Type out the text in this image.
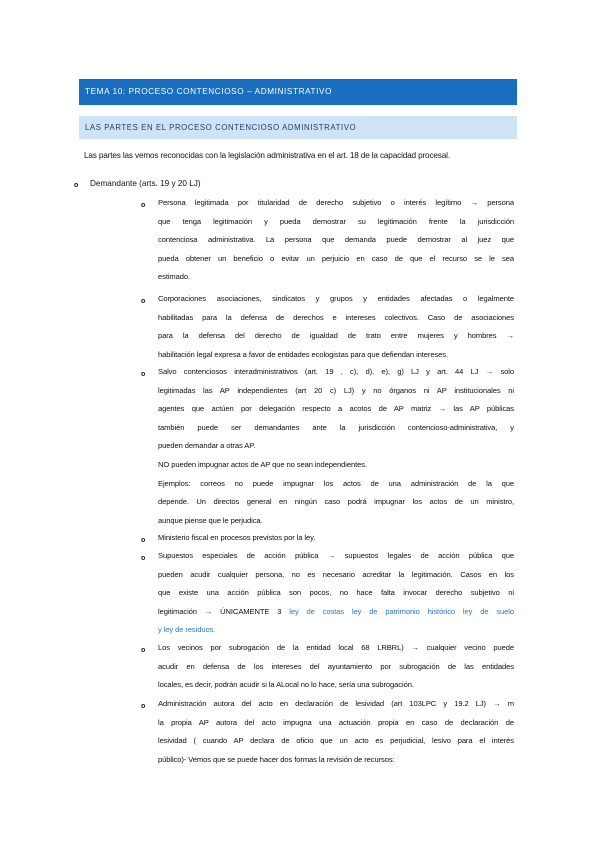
TEMA 10: PROCESO CONTENCIOSO – ADMINISTRATIVO
LAS PARTES EN EL PROCESO CONTENCIOSO ADMINISTRATIVO
Las partes las vemos reconocidas con la legislación administrativa en el art. 18 de la capacidad procesal.
o Demandante (arts. 19 y 20 LJ)
o Persona legitimada por titularidad de derecho subjetivo o interés legítimo → persona
que tenga legitimación y pueda demostrar su legitimación frente la jurisdicción
contenciosa administrativa. La persona que demanda puede demostrar al juez que
pueda obtener un beneficio o evitar un perjuicio en caso de que el recurso se le sea
estimado.
o Corporaciones asociaciones, sindicatos y grupos y entidades afectadas o legalmente
habilitadas para la defensa de derechos e intereses colectivos. Caso de asociaciones
para la defensa del derecho de igualdad de trato entre mujeres y hombres →
habilitación legal expresa a favor de entidades ecologistas para que defiendan intereses.
o Salvo contenciosos interadministrativos (art. 19 , c), d), e), g) LJ y art. 44 LJ → solo
legitimadas las AP independientes (art 20 c) LJ) y no órganos ni AP institucionales ni
agentes que actúen por delegación respecto a acotos de AP matriz → las AP públicas
también puede ser demandantes ante la jurisdicción contencioso-administrativa, y
pueden demandar a otras AP.
NO pueden impugnar actos de AP que no sean independientes.
Ejemplos: correos no puede impugnar los actos de una administración de la que
depende. Un directos general en ningún caso podrá impugnar los actos de un ministro,
aunque piense que le perjudica.
o Ministerio fiscal en procesos previstos por la ley.
o Supuestos especiales de acción pública → supuestos legales de acción pública que
pueden acudir cualquier persona, no es necesario acreditar la legitimación. Casos en los
que existe una acción pública son pocos, no hace falta invocar derecho subjetivo ni
legitimación → ÚNICAMENTE 3 ley de costas ley de patrimonio histórico ley de suelo
y ley de residuos.
o Los vecinos por subrogación de la entidad local 68 LRBRL) → cualquier vecino puede
acudir en defensa de los intereses del ayuntamiento por subrogación de las entidades
locales, es decir, podrán acudir si la ALocal no lo hace, sería una subrogación.
o Administración autora del acto en declaración de lesividad (art 103LPC y 19.2 LJ) → m
la propia AP autora del acto impugna una actuación propia en caso de declaración de
lesividad ( cuando AP declara de oficio que un acto es perjudicial, lesivo para el interés
público)- Vemos que se puede hacer dos formas la revisión de recursos:
